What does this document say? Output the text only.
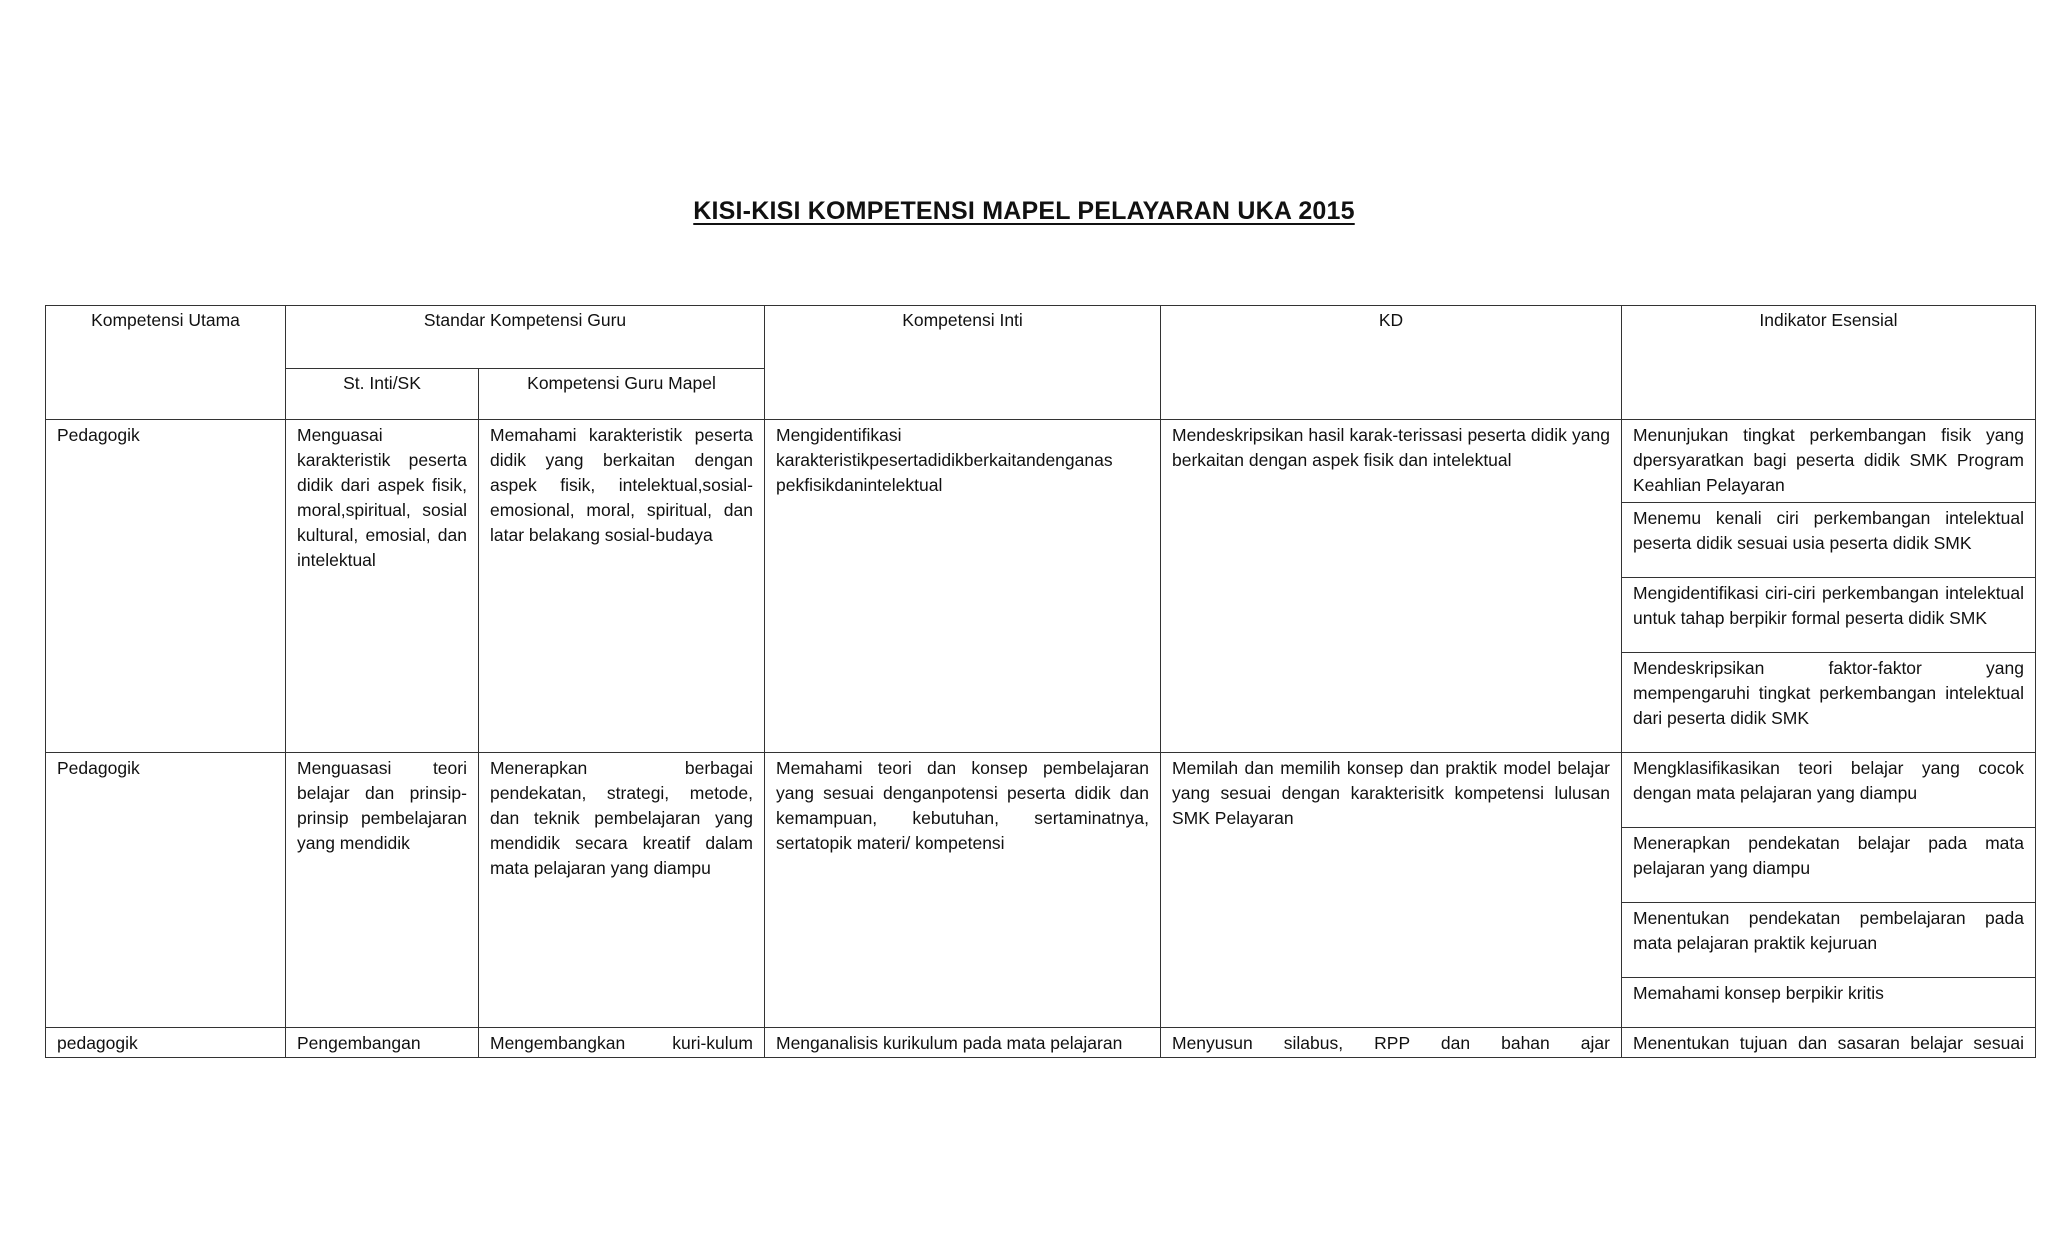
KISI-KISI KOMPETENSI MAPEL PELAYARAN UKA 2015
Kompetensi Utama	Standar Kompetensi Guru		Kompetensi Inti	KD	Indikator Esensial
	St. Inti/SK	Kompetensi Guru Mapel			
Pedagogik	Menguasai karakteristik peserta didik dari aspek fisik, moral,spiritual, sosial kultural, emosial, dan intelektual	Memahami karakteristik peserta didik yang berkaitan dengan aspek fisik, intelektual,sosial-emosional, moral, spiritual, dan latar belakang sosial-budaya	Mengidentifikasi karakteristikpesertadidikberkaitandenganas pekfisikdanintelektual	Mendeskripsikan hasil karak-terissasi peserta didik yang berkaitan dengan aspek fisik dan intelektual	Menunjukan tingkat perkembangan fisik yang dpersyaratkan bagi peserta didik SMK Program Keahlian Pelayaran
					Menemu kenali ciri perkembangan intelektual peserta didik sesuai usia peserta didik SMK
					Mengidentifikasi ciri-ciri perkembangan intelektual untuk tahap berpikir formal peserta didik SMK
					Mendeskripsikan faktor-faktor yang mempengaruhi tingkat perkembangan intelektual dari peserta didik SMK
Pedagogik	Menguasasi teori belajar dan prinsip-prinsip pembelajaran yang mendidik	Menerapkan berbagai pendekatan, strategi, metode, dan teknik pembelajaran yang mendidik secara kreatif dalam mata pelajaran yang diampu	Memahami teori dan konsep pembelajaran yang sesuai denganpotensi peserta didik dan kemampuan, kebutuhan, sertaminatnya, sertatopik materi/ kompetensi	Memilah dan memilih konsep dan praktik model belajar yang sesuai dengan karakterisitk kompetensi lulusan SMK Pelayaran	Mengklasifikasikan teori belajar yang cocok dengan mata pelajaran yang diampu
					Menerapkan pendekatan belajar pada mata pelajaran yang diampu
					Menentukan pendekatan pembelajaran pada mata pelajaran praktik kejuruan
					Memahami konsep berpikir kritis

pedagogik	Pengembangan	Mengembangkan kuri-kulum	Menganalisis kurikulum pada mata pelajaran	Menyusun silabus, RPP dan bahan ajar	Menentukan tujuan dan sasaran belajar sesuai
